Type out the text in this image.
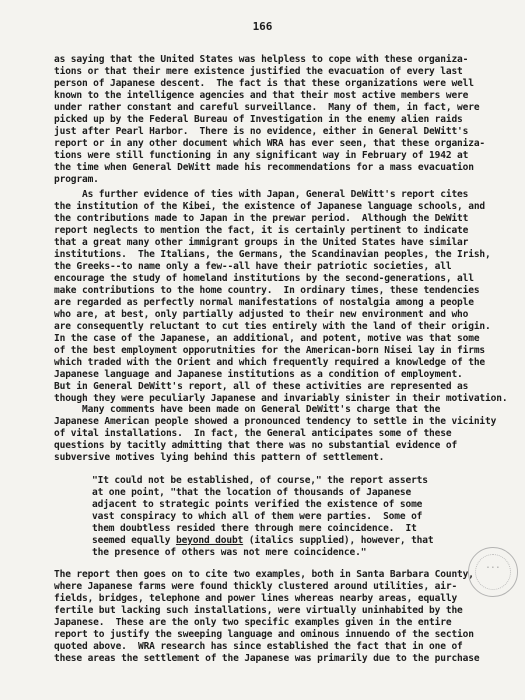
166
as saying that the United States was helpless to cope with these organiza-
tions or that their mere existence justified the evacuation of every last
person of Japanese descent.  The fact is that these organizations were well
known to the intelligence agencies and that their most active members were
under rather constant and careful surveillance.  Many of them, in fact, were
picked up by the Federal Bureau of Investigation in the enemy alien raids
just after Pearl Harbor.  There is no evidence, either in General DeWitt's
report or in any other document which WRA has ever seen, that these organiza-
tions were still functioning in any significant way in February of 1942 at
the time when General DeWitt made his recommendations for a mass evacuation
program.
As further evidence of ties with Japan, General DeWitt's report cites
the institution of the Kibei, the existence of Japanese language schools, and
the contributions made to Japan in the prewar period.  Although the DeWitt
report neglects to mention the fact, it is certainly pertinent to indicate
that a great many other immigrant groups in the United States have similar
institutions.  The Italians, the Germans, the Scandinavian peoples, the Irish,
the Greeks--to name only a few--all have their patriotic societies, all
encourage the study of homeland institutions by the second-generations, all
make contributions to the home country.  In ordinary times, these tendencies
are regarded as perfectly normal manifestations of nostalgia among a people
who are, at best, only partially adjusted to their new environment and who
are consequently reluctant to cut ties entirely with the land of their origin.
In the case of the Japanese, an additional, and potent, motive was that some
of the best employment opporutnities for the American-born Nisei lay in firms
which traded with the Orient and which frequently required a knowledge of the
Japanese language and Japanese institutions as a condition of employment.
But in General DeWitt's report, all of these activities are represented as
though they were peculiarly Japanese and invariably sinister in their motivation.
Many comments have been made on General DeWitt's charge that the
Japanese American people showed a pronounced tendency to settle in the vicinity
of vital installations.  In fact, the General anticipates some of these
questions by tacitly admitting that there was no substantial evidence of
subversive motives lying behind this pattern of settlement.
"It could not be established, of course," the report asserts
at one point, "that the location of thousands of Japanese
adjacent to strategic points verified the existence of some
vast conspiracy to which all of them were parties.  Some of
them doubtless resided there through mere coincidence.  It
seemed equally beyond doubt (italics supplied), however, that
the presence of others was not mere coincidence."
The report then goes on to cite two examples, both in Santa Barbara County,
where Japanese farms were found thickly clustered around utilities, air-
fields, bridges, telephone and power lines whereas nearby areas, equally
fertile but lacking such installations, were virtually uninhabited by the
Japanese.  These are the only two specific examples given in the entire
report to justify the sweeping language and ominous innuendo of the section
quoted above.  WRA research has since established the fact that in one of
these areas the settlement of the Japanese was primarily due to the purchase
• • •
